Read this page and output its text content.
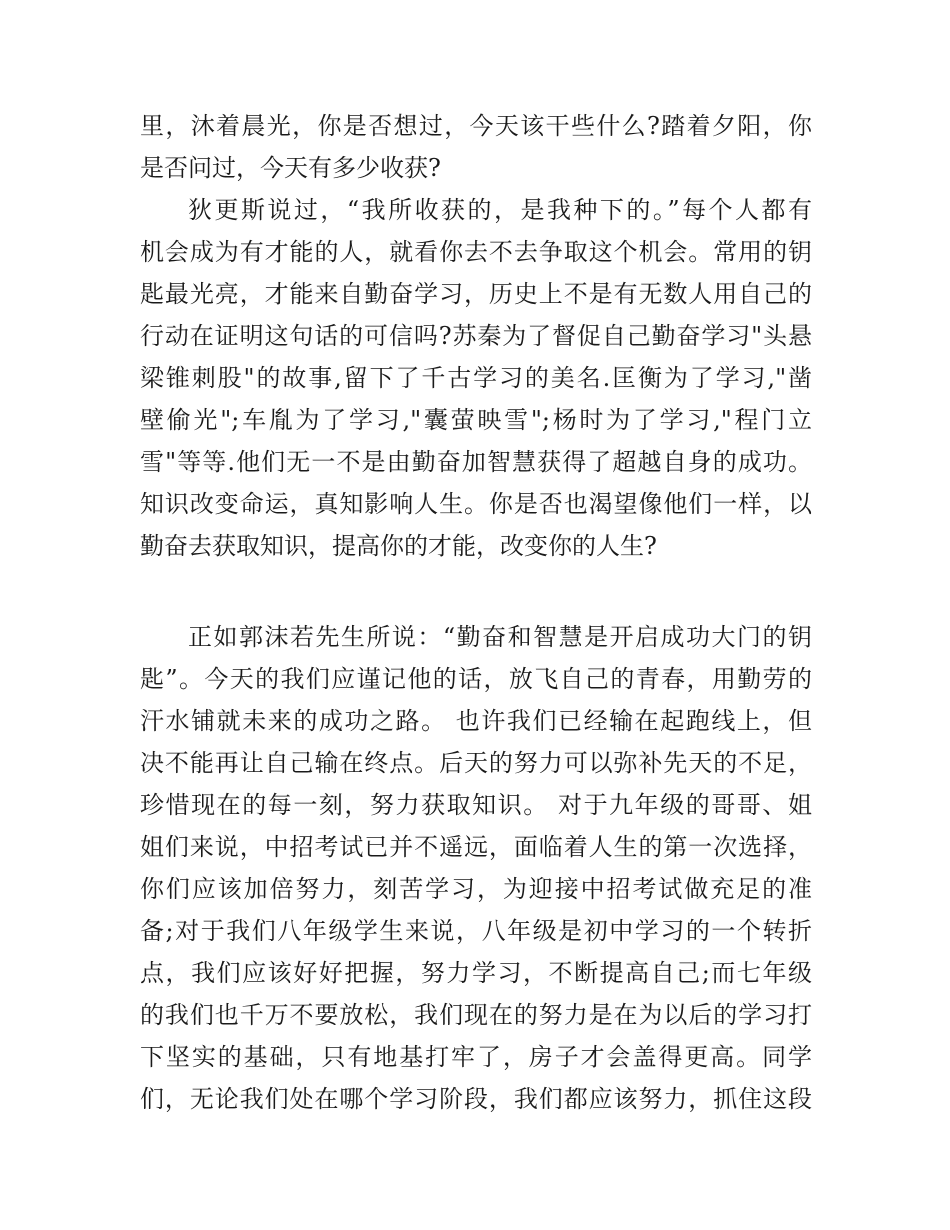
里，沐着晨光，你是否想过，今天该干些什么?踏着夕阳，你
是否问过，今天有多少收获?
狄更斯说过，“我所收获的，是我种下的。”每个人都有
机会成为有才能的人，就看你去不去争取这个机会。常用的钥
匙最光亮，才能来自勤奋学习，历史上不是有无数人用自己的
行动在证明这句话的可信吗?苏秦为了督促自己勤奋学习"头悬
梁锥刺股"的故事,留下了千古学习的美名.匡衡为了学习,"凿
壁偷光";车胤为了学习,"囊萤映雪";杨时为了学习,"程门立
雪"等等.他们无一不是由勤奋加智慧获得了超越自身的成功。
知识改变命运，真知影响人生。你是否也渴望像他们一样，以
勤奋去获取知识，提高你的才能，改变你的人生?
正如郭沫若先生所说：“勤奋和智慧是开启成功大门的钥
匙”。今天的我们应谨记他的话，放飞自己的青春，用勤劳的
汗水铺就未来的成功之路。 也许我们已经输在起跑线上，但
决不能再让自己输在终点。后天的努力可以弥补先天的不足，
珍惜现在的每一刻，努力获取知识。 对于九年级的哥哥、姐
姐们来说，中招考试已并不遥远，面临着人生的第一次选择，
你们应该加倍努力，刻苦学习，为迎接中招考试做充足的准
备;对于我们八年级学生来说，八年级是初中学习的一个转折
点，我们应该好好把握，努力学习，不断提高自己;而七年级
的我们也千万不要放松，我们现在的努力是在为以后的学习打
下坚实的基础，只有地基打牢了，房子才会盖得更高。同学
们，无论我们处在哪个学习阶段，我们都应该努力，抓住这段
